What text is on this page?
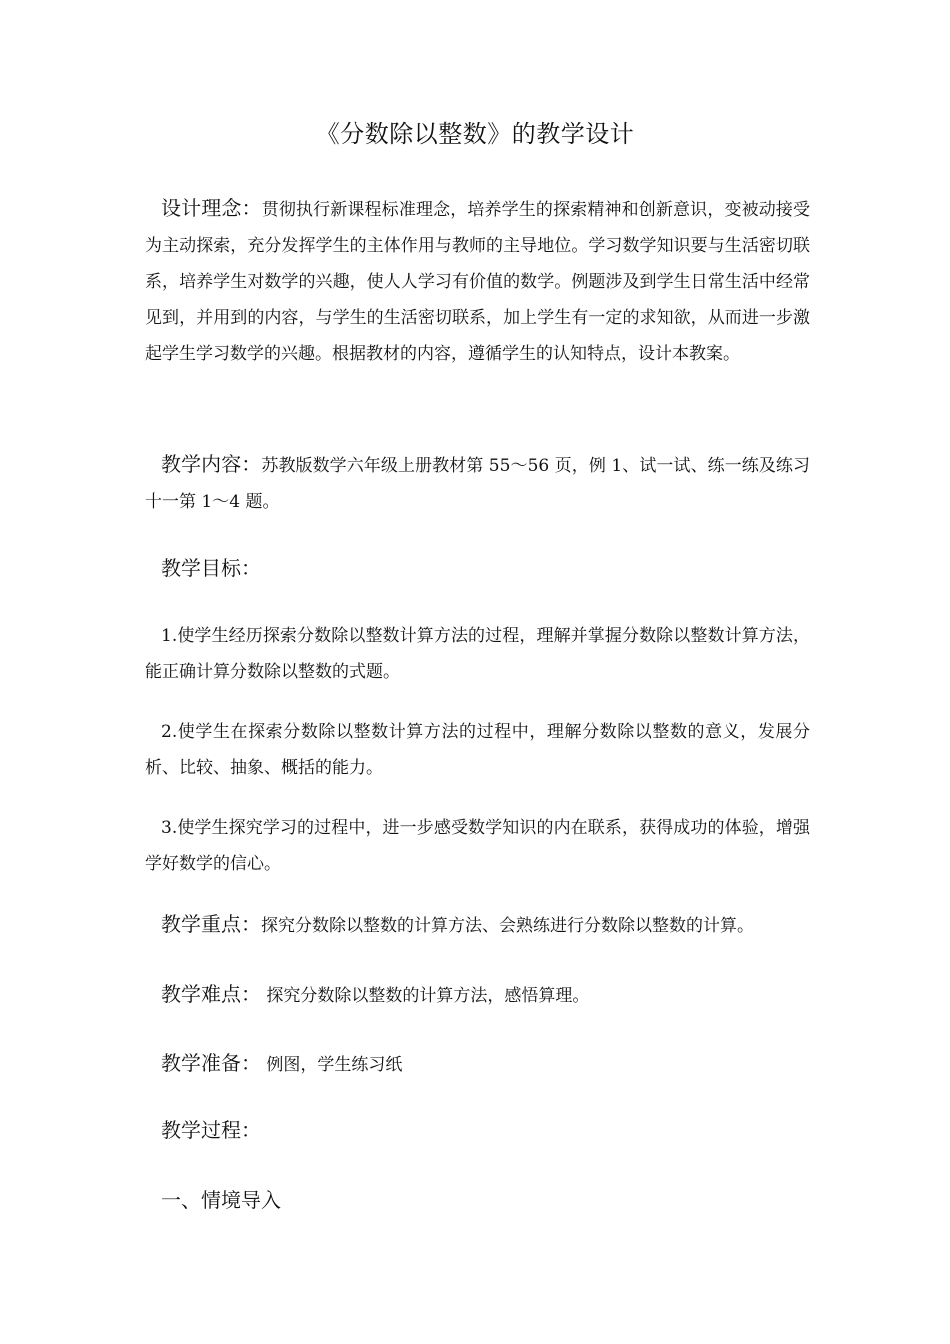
《分数除以整数》的教学设计
设计理念：贯彻执行新课程标准理念，培养学生的探索精神和创新意识，变被动接受为主动探索，充分发挥学生的主体作用与教师的主导地位。学习数学知识要与生活密切联系，培养学生对数学的兴趣，使人人学习有价值的数学。例题涉及到学生日常生活中经常见到，并用到的内容，与学生的生活密切联系，加上学生有一定的求知欲，从而进一步激起学生学习数学的兴趣。根据教材的内容，遵循学生的认知特点，设计本教案。
教学内容：苏教版数学六年级上册教材第 55～56 页，例 1、试一试、练一练及练习十一第 1～4 题。
教学目标：
1.使学生经历探索分数除以整数计算方法的过程，理解并掌握分数除以整数计算方法，能正确计算分数除以整数的式题。
2.使学生在探索分数除以整数计算方法的过程中，理解分数除以整数的意义，发展分析、比较、抽象、概括的能力。
3.使学生探究学习的过程中，进一步感受数学知识的内在联系，获得成功的体验，增强学好数学的信心。
教学重点：探究分数除以整数的计算方法、会熟练进行分数除以整数的计算。
教学难点： 探究分数除以整数的计算方法，感悟算理。
教学准备： 例图，学生练习纸
教学过程：
一、情境导入
